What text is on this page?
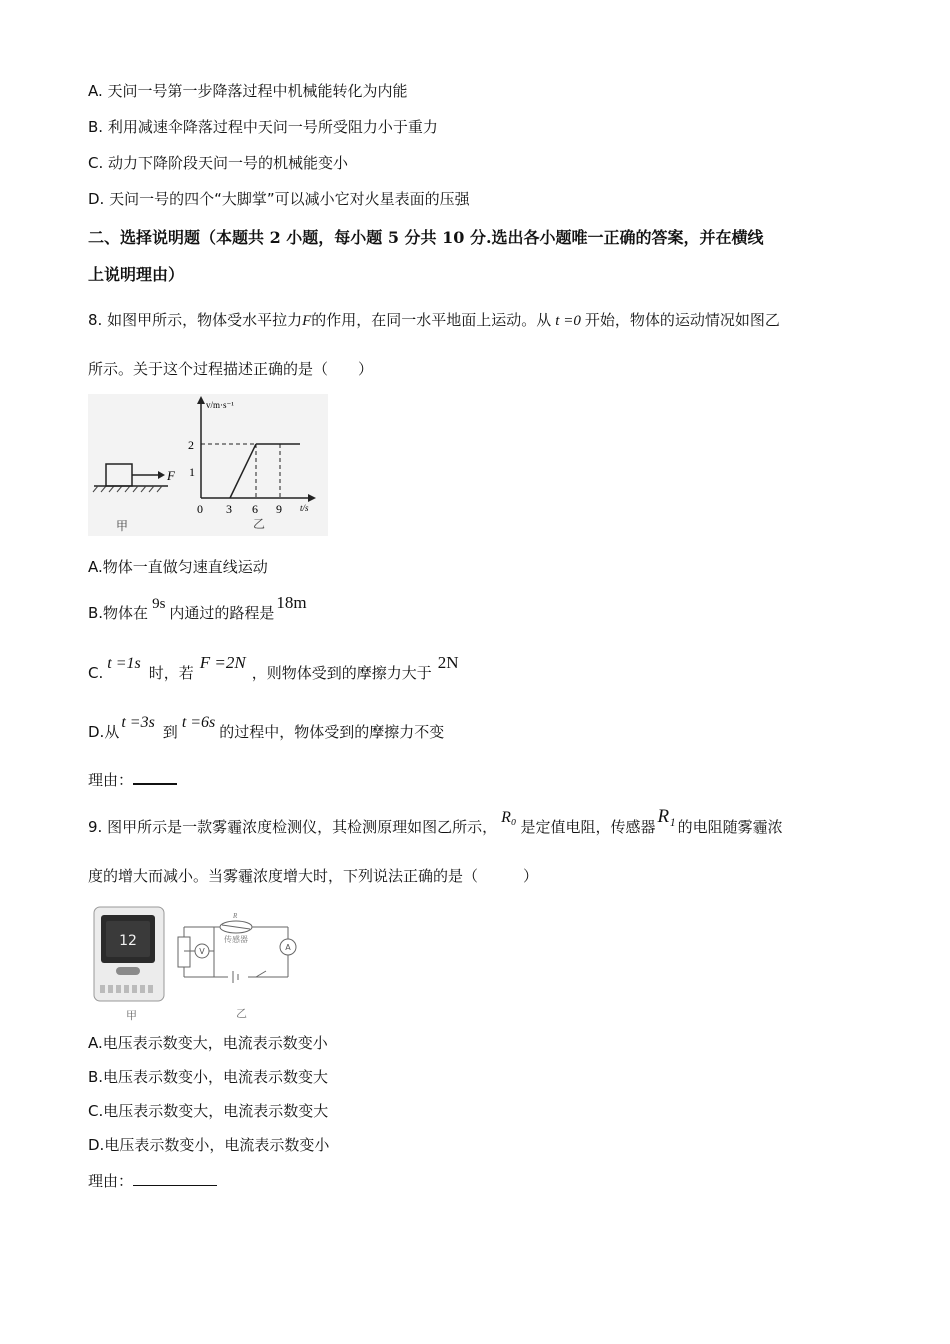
A. 天问一号第一步降落过程中机械能转化为内能
B. 利用减速伞降落过程中天问一号所受阻力小于重力
C. 动力下降阶段天问一号的机械能变小
D. 天问一号的四个“大脚掌”可以减小它对火星表面的压强
二、选择说明题（本题共 2 小题，每小题 5 分共 10 分.选出各小题唯一正确的答案，并在横线
上说明理由）
8. 如图甲所示，物体受水平拉力F的作用，在同一水平地面上运动。从 t =0 开始，物体的运动情况如图乙
所示。关于这个过程描述正确的是（　　）
F
甲
v/m·s⁻¹
t/s
2
1
0 3 6 9
乙
A.物体一直做匀速直线运动
B.物体在 9s 内通过的路程是18m
C.t =1s时，若F =2N，则物体受到的摩擦力大于2N
D.从t =3s到t =6s的过程中，物体受到的摩擦力不变
理由：
9. 图甲所示是一款雾霾浓度检测仪，其检测原理如图乙所示，R₀是定值电阻，传感器 R₁ 的电阻随雾霾浓
度的增大而减小。当雾霾浓度增大时，下列说法正确的是（　　　）
12
甲
V	A
R
传感器
乙
A.电压表示数变大，电流表示数变小
B.电压表示数变小，电流表示数变大
C.电压表示数变大，电流表示数变大
D.电压表示数变小，电流表示数变小
理由：
